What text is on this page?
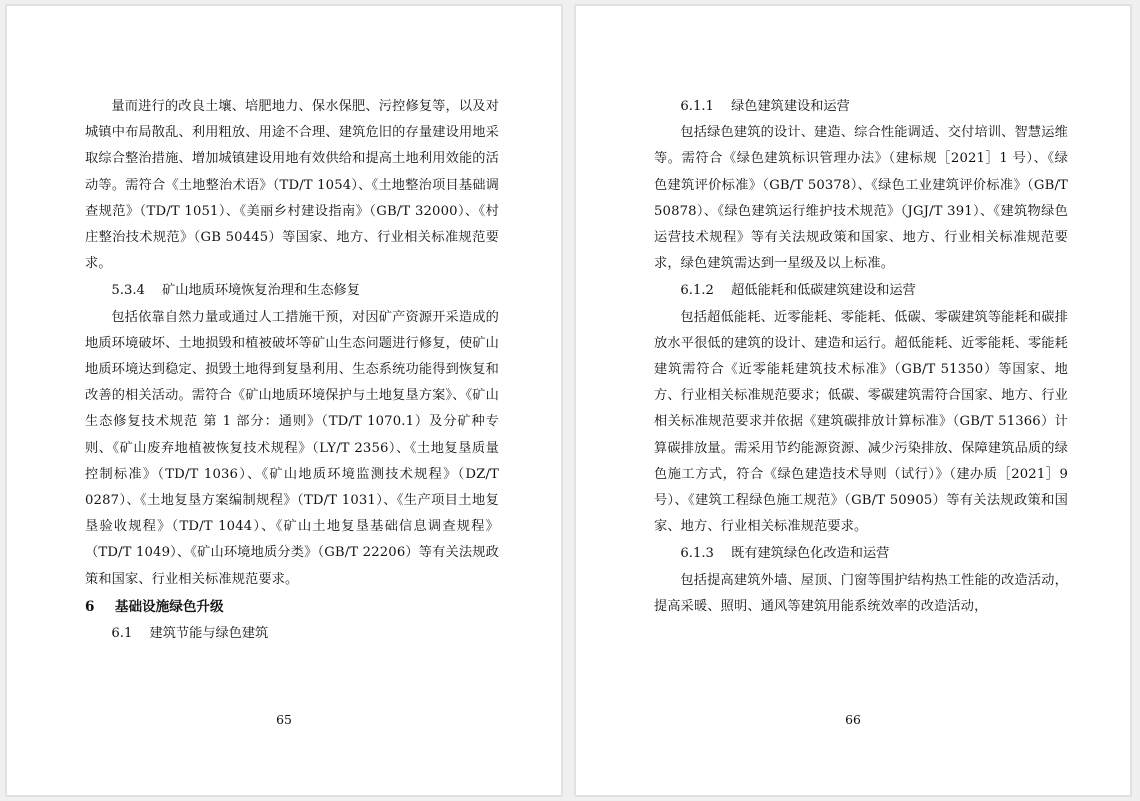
量而进行的改良土壤、培肥地力、保水保肥、污控修复等，以及对城镇中布局散乱、利用粗放、用途不合理、建筑危旧的存量建设用地采取综合整治措施、增加城镇建设用地有效供给和提高土地利用效能的活动等。需符合《土地整治术语》（TD/T 1054）、《土地整治项目基础调查规范》（TD/T 1051）、《美丽乡村建设指南》（GB/T 32000）、《村庄整治技术规范》（GB 50445）等国家、地方、行业相关标准规范要求。

5.3.4 矿山地质环境恢复治理和生态修复

包括依靠自然力量或通过人工措施干预，对因矿产资源开采造成的地质环境破坏、土地损毁和植被破坏等矿山生态问题进行修复，使矿山地质环境达到稳定、损毁土地得到复垦利用、生态系统功能得到恢复和改善的相关活动。需符合《矿山地质环境保护与土地复垦方案》、《矿山生态修复技术规范 第 1 部分：通则》（TD/T 1070.1）及分矿种专则、《矿山废弃地植被恢复技术规程》（LY/T 2356）、《土地复垦质量控制标准》（TD/T 1036）、《矿山地质环境监测技术规程》（DZ/T 0287）、《土地复垦方案编制规程》（TD/T 1031）、《生产项目土地复垦验收规程》（TD/T 1044）、《矿山土地复垦基础信息调查规程》（TD/T 1049）、《矿山环境地质分类》（GB/T 22206）等有关法规政策和国家、行业相关标准规范要求。

6 基础设施绿色升级
6.1 建筑节能与绿色建筑
65
6.1.1 绿色建筑建设和运营

包括绿色建筑的设计、建造、综合性能调适、交付培训、智慧运维等。需符合《绿色建筑标识管理办法》（建标规［2021］1 号）、《绿色建筑评价标准》（GB/T 50378）、《绿色工业建筑评价标准》（GB/T 50878）、《绿色建筑运行维护技术规范》（JGJ/T 391）、《建筑物绿色运营技术规程》等有关法规政策和国家、地方、行业相关标准规范要求，绿色建筑需达到一星级及以上标准。

6.1.2 超低能耗和低碳建筑建设和运营

包括超低能耗、近零能耗、零能耗、低碳、零碳建筑等能耗和碳排放水平很低的建筑的设计、建造和运行。超低能耗、近零能耗、零能耗建筑需符合《近零能耗建筑技术标准》（GB/T 51350）等国家、地方、行业相关标准规范要求；低碳、零碳建筑需符合国家、地方、行业相关标准规范要求并依据《建筑碳排放计算标准》（GB/T 51366）计算碳排放量。需采用节约能源资源、减少污染排放、保障建筑品质的绿色施工方式，符合《绿色建造技术导则（试行）》（建办质［2021］9 号）、《建筑工程绿色施工规范》（GB/T 50905）等有关法规政策和国家、地方、行业相关标准规范要求。

6.1.3 既有建筑绿色化改造和运营

包括提高建筑外墙、屋顶、门窗等围护结构热工性能的改造活动，提高采暖、照明、通风等建筑用能系统效率的改造活动，

66
